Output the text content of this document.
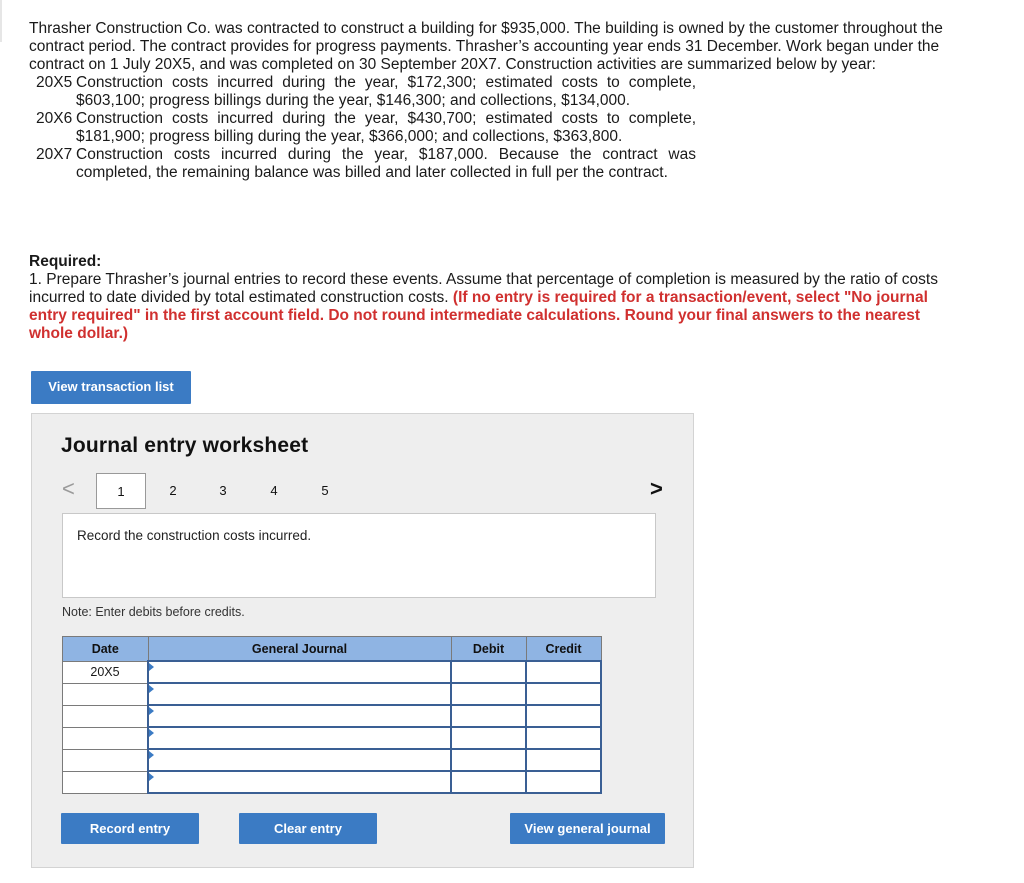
Thrasher Construction Co. was contracted to construct a building for $935,000. The building is owned by the customer throughout the contract period. The contract provides for progress payments. Thrasher’s accounting year ends 31 December. Work began under the contract on 1 July 20X5, and was completed on 30 September 20X7. Construction activities are summarized below by year:

20X5 Construction costs incurred during the year, $172,300; estimated costs to complete, $603,100; progress billings during the year, $146,300; and collections, $134,000.
20X6 Construction costs incurred during the year, $430,700; estimated costs to complete, $181,900; progress billing during the year, $366,000; and collections, $363,800.
20X7 Construction costs incurred during the year, $187,000. Because the contract was completed, the remaining balance was billed and later collected in full per the contract.
Required:
1. Prepare Thrasher’s journal entries to record these events. Assume that percentage of completion is measured by the ratio of costs incurred to date divided by total estimated construction costs. (If no entry is required for a transaction/event, select "No journal entry required" in the first account field. Do not round intermediate calculations. Round your final answers to the nearest whole dollar.)
View transaction list
Journal entry worksheet
<	1	2	3	4	5	>
Record the construction costs incurred.
Note: Enter debits before credits.
Date	General Journal	Debit	Credit
20X5	

Record entry	Clear entry	View general journal
